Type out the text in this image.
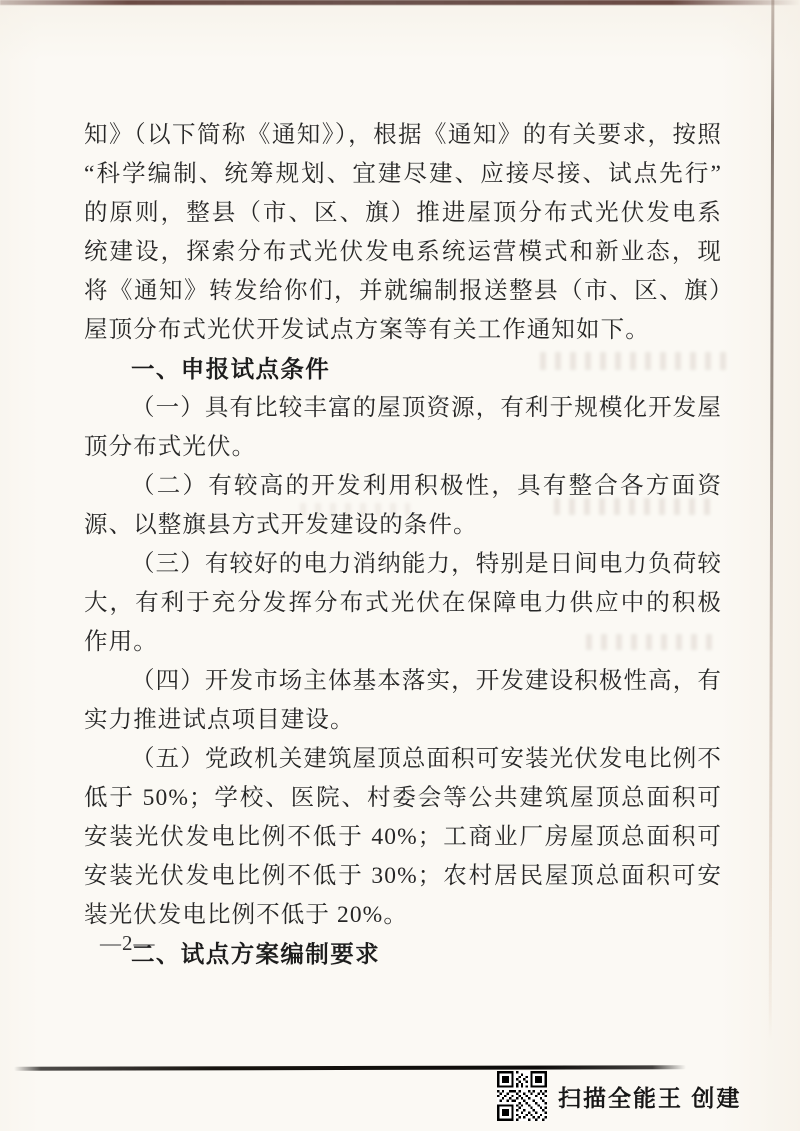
知》（以下简称《通知》），根据《通知》的有关要求，按照“科学编制、统筹规划、宜建尽建、应接尽接、试点先行”的原则，整县（市、区、旗）推进屋顶分布式光伏发电系统建设，探索分布式光伏发电系统运营模式和新业态，现将《通知》转发给你们，并就编制报送整县（市、区、旗）屋顶分布式光伏开发试点方案等有关工作通知如下。

一、申报试点条件

（一）具有比较丰富的屋顶资源，有利于规模化开发屋顶分布式光伏。

（二）有较高的开发利用积极性，具有整合各方面资源、以整旗县方式开发建设的条件。

（三）有较好的电力消纳能力，特别是日间电力负荷较大，有利于充分发挥分布式光伏在保障电力供应中的积极作用。

（四）开发市场主体基本落实，开发建设积极性高，有实力推进试点项目建设。

（五）党政机关建筑屋顶总面积可安装光伏发电比例不低于 50%；学校、医院、村委会等公共建筑屋顶总面积可安装光伏发电比例不低于 40%；工商业厂房屋顶总面积可安装光伏发电比例不低于 30%；农村居民屋顶总面积可安装光伏发电比例不低于 20%。

二、试点方案编制要求

—2—
扫描全能王 创建
